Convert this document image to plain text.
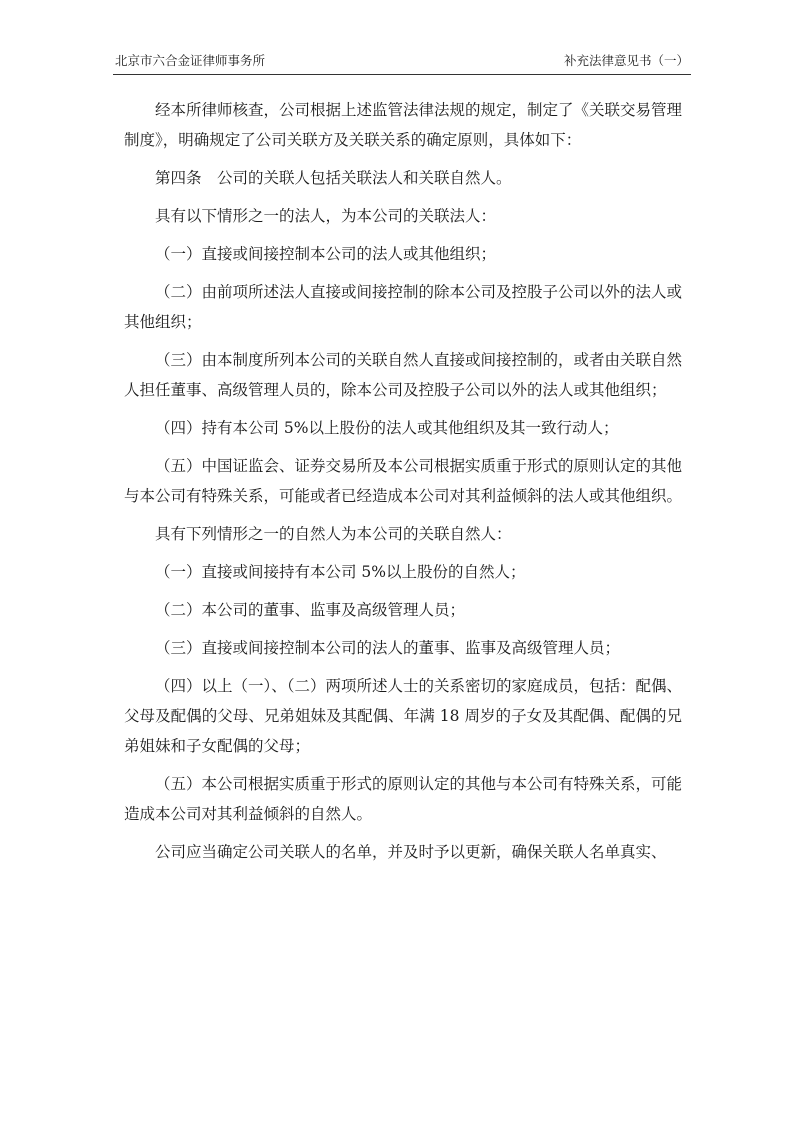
北京市六合金证律师事务所	补充法律意见书（一）

经本所律师核查，公司根据上述监管法律法规的规定，制定了《关联交易管理制度》，明确规定了公司关联方及关联关系的确定原则，具体如下：

第四条　公司的关联人包括关联法人和关联自然人。

具有以下情形之一的法人，为本公司的关联法人：

（一）直接或间接控制本公司的法人或其他组织；

（二）由前项所述法人直接或间接控制的除本公司及控股子公司以外的法人或其他组织；

（三）由本制度所列本公司的关联自然人直接或间接控制的，或者由关联自然人担任董事、高级管理人员的，除本公司及控股子公司以外的法人或其他组织；

（四）持有本公司 5%以上股份的法人或其他组织及其一致行动人；

（五）中国证监会、证券交易所及本公司根据实质重于形式的原则认定的其他与本公司有特殊关系，可能或者已经造成本公司对其利益倾斜的法人或其他组织。

具有下列情形之一的自然人为本公司的关联自然人：

（一）直接或间接持有本公司 5%以上股份的自然人；

（二）本公司的董事、监事及高级管理人员；

（三）直接或间接控制本公司的法人的董事、监事及高级管理人员；

（四）以上（一）、（二）两项所述人士的关系密切的家庭成员，包括：配偶、父母及配偶的父母、兄弟姐妹及其配偶、年满 18 周岁的子女及其配偶、配偶的兄弟姐妹和子女配偶的父母；

（五）本公司根据实质重于形式的原则认定的其他与本公司有特殊关系，可能造成本公司对其利益倾斜的自然人。

公司应当确定公司关联人的名单，并及时予以更新，确保关联人名单真实、
